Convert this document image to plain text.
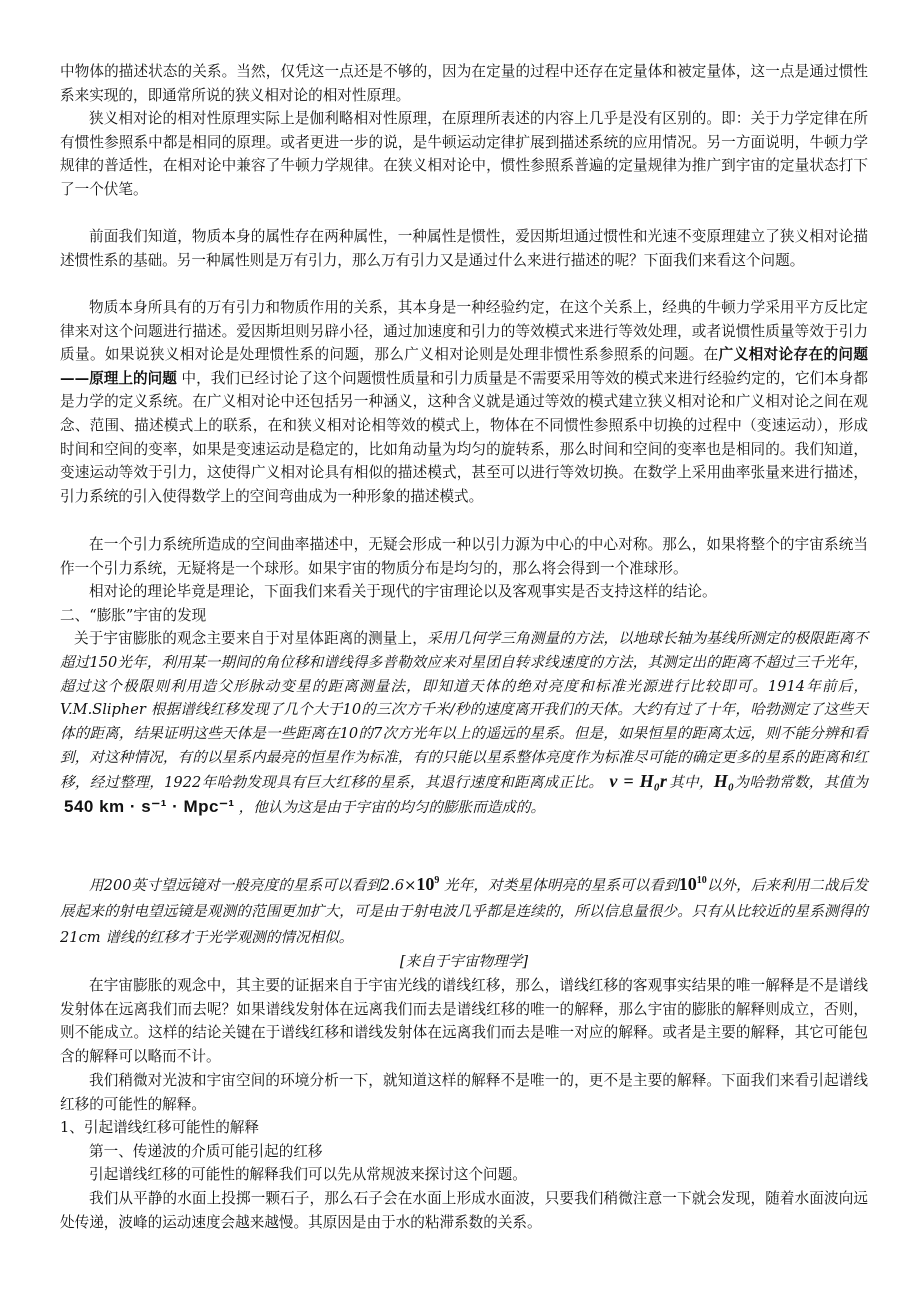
中物体的描述状态的关系。当然，仅凭这一点还是不够的，因为在定量的过程中还存在定量体和被定量体，这一点是通过惯性系来实现的，即通常所说的狭义相对论的相对性原理。

狭义相对论的相对性原理实际上是伽利略相对性原理，在原理所表述的内容上几乎是没有区别的。即：关于力学定律在所有惯性参照系中都是相同的原理。或者更进一步的说，是牛顿运动定律扩展到描述系统的应用情况。另一方面说明，牛顿力学规律的普适性，在相对论中兼容了牛顿力学规律。在狭义相对论中，惯性参照系普遍的定量规律为推广到宇宙的定量状态打下了一个伏笔。

前面我们知道，物质本身的属性存在两种属性，一种属性是惯性，爱因斯坦通过惯性和光速不变原理建立了狭义相对论描述惯性系的基础。另一种属性则是万有引力，那么万有引力又是通过什么来进行描述的呢？下面我们来看这个问题。

物质本身所具有的万有引力和物质作用的关系，其本身是一种经验约定，在这个关系上，经典的牛顿力学采用平方反比定律来对这个问题进行描述。爱因斯坦则另辟小径，通过加速度和引力的等效模式来进行等效处理，或者说惯性质量等效于引力质量。如果说狭义相对论是处理惯性系的问题，那么广义相对论则是处理非惯性系参照系的问题。在广义相对论存在的问题——原理上的问题 中，我们已经讨论了这个问题惯性质量和引力质量是不需要采用等效的模式来进行经验约定的，它们本身都是力学的定义系统。在广义相对论中还包括另一种涵义，这种含义就是通过等效的模式建立狭义相对论和广义相对论之间在观念、范围、描述模式上的联系，在和狭义相对论相等效的模式上，物体在不同惯性参照系中切换的过程中（变速运动），形成时间和空间的变率，如果是变速运动是稳定的，比如角动量为均匀的旋转系，那么时间和空间的变率也是相同的。我们知道，变速运动等效于引力，这使得广义相对论具有相似的描述模式，甚至可以进行等效切换。在数学上采用曲率张量来进行描述，引力系统的引入使得数学上的空间弯曲成为一种形象的描述模式。

在一个引力系统所造成的空间曲率描述中，无疑会形成一种以引力源为中心的中心对称。那么，如果将整个的宇宙系统当作一个引力系统，无疑将是一个球形。如果宇宙的物质分布是均匀的，那么将会得到一个准球形。

相对论的理论毕竟是理论，下面我们来看关于现代的宇宙理论以及客观事实是否支持这样的结论。

二、“膨胀”宇宙的发现

关于宇宙膨胀的观念主要来自于对星体距离的测量上，采用几何学三角测量的方法，以地球长轴为基线所测定的极限距离不超过150光年，利用某一期间的角位移和谱线得多普勒效应来对星团自转求线速度的方法，其测定出的距离不超过三千光年，超过这个极限则利用造父形脉动变星的距离测量法，即知道天体的绝对亮度和标准光源进行比较即可。1914年前后，V.M.Slipher 根据谱线红移发现了几个大于10的三次方千米/秒的速度离开我们的天体。大约有过了十年，哈勃测定了这些天体的距离，结果证明这些天体是一些距离在10的7次方光年以上的遥远的星系。但是，如果恒星的距离太远，则不能分辨和看到，对这种情况，有的以星系内最亮的恒星作为标准，有的只能以星系整体亮度作为标准尽可能的确定更多的星系的距离和红移，经过整理，1922年哈勃发现具有巨大红移的星系，其退行速度和距离成正比。 v = H₀r 其中，H₀为哈勃常数，其值为540 km · s⁻¹ · Mpc⁻¹ ，他认为这是由于宇宙的均匀的膨胀而造成的。

用200英寸望远镜对一般亮度的星系可以看到$2.6\times 10^9$ 光年，对类星体明亮的星系可以看到$10^{10}$以外，后来利用二战后发展起来的射电望远镜是观测的范围更加扩大，可是由于射电波几乎都是连续的，所以信息量很少。只有从比较近的星系测得的21cm 谱线的红移才于光学观测的情况相似。

[来自于宇宙物理学]

在宇宙膨胀的观念中，其主要的证据来自于宇宙光线的谱线红移，那么，谱线红移的客观事实结果的唯一解释是不是谱线发射体在远离我们而去呢？如果谱线发射体在远离我们而去是谱线红移的唯一的解释，那么宇宙的膨胀的解释则成立，否则，则不能成立。这样的结论关键在于谱线红移和谱线发射体在远离我们而去是唯一对应的解释。或者是主要的解释，其它可能包含的解释可以略而不计。

我们稍微对光波和宇宙空间的环境分析一下，就知道这样的解释不是唯一的，更不是主要的解释。下面我们来看引起谱线红移的可能性的解释。

1、引起谱线红移可能性的解释

第一、传递波的介质可能引起的红移

引起谱线红移的可能性的解释我们可以先从常规波来探讨这个问题。

我们从平静的水面上投掷一颗石子，那么石子会在水面上形成水面波，只要我们稍微注意一下就会发现，随着水面波向远处传递，波峰的运动速度会越来越慢。其原因是由于水的粘滞系数的关系。
